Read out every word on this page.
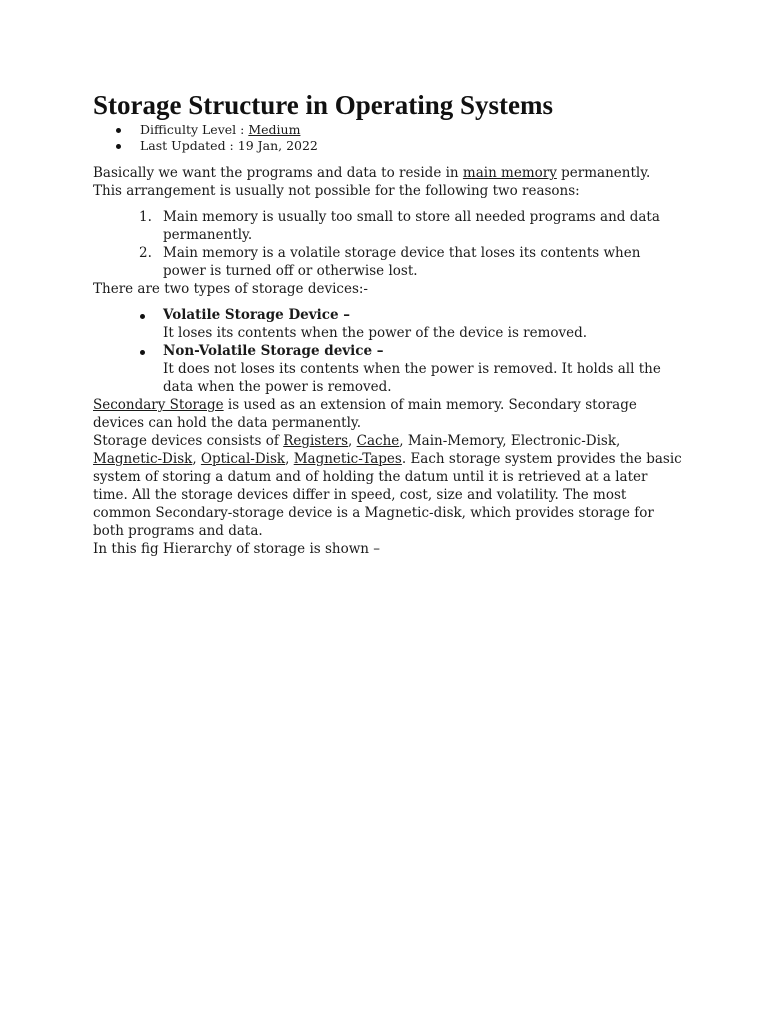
Storage Structure in Operating Systems
Difficulty Level : Medium
Last Updated : 19 Jan, 2022

Basically we want the programs and data to reside in main memory permanently. This arrangement is usually not possible for the following two reasons:

1. Main memory is usually too small to store all needed programs and data permanently.
2. Main memory is a volatile storage device that loses its contents when power is turned off or otherwise lost.

There are two types of storage devices:-

Volatile Storage Device –
It loses its contents when the power of the device is removed.
Non-Volatile Storage device –
It does not loses its contents when the power is removed. It holds all the data when the power is removed.

Secondary Storage is used as an extension of main memory. Secondary storage devices can hold the data permanently.

Storage devices consists of Registers, Cache, Main-Memory, Electronic-Disk, Magnetic-Disk, Optical-Disk, Magnetic-Tapes. Each storage system provides the basic system of storing a datum and of holding the datum until it is retrieved at a later time. All the storage devices differ in speed, cost, size and volatility. The most common Secondary-storage device is a Magnetic-disk, which provides storage for both programs and data.

In this fig Hierarchy of storage is shown –
